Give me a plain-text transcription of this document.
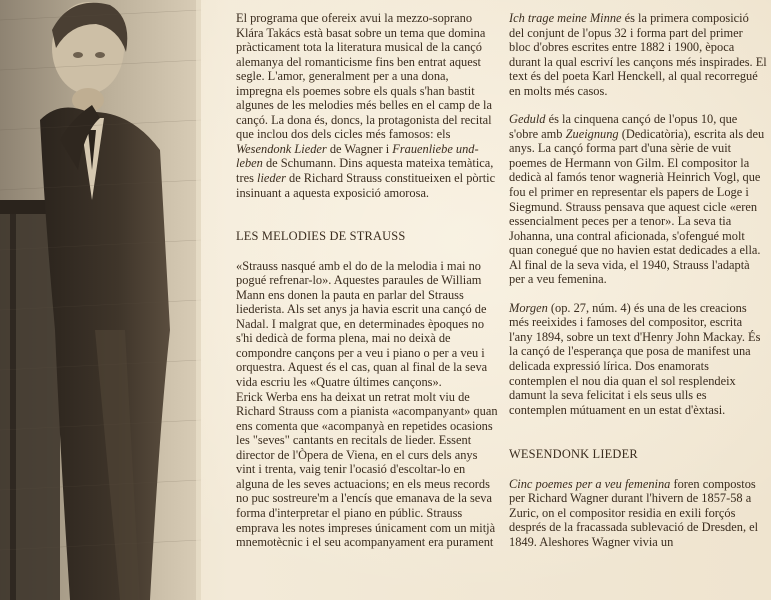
El programa que ofereix avui la mezzo-soprano Klára Takács està basat sobre un tema que domina pràcticament tota la literatura musical de la cançó alemanya del romanticisme fins ben entrat aquest segle. L'amor, generalment per a una dona, impregna els poemes sobre els quals s'han bastit algunes de les melodies més belles en el camp de la cançó. La dona és, doncs, la protagonista del recital que inclou dos dels cicles més famosos: els Wesendonk Lieder de Wagner i Frauenliebe und- leben de Schumann. Dins aquesta mateixa temàtica, tres lieder de Richard Strauss constitueixen el pòrtic insinuant a aquesta exposició amorosa.

LES MELODIES DE STRAUSS

«Strauss nasqué amb el do de la melodia i mai no pogué refrenar-lo». Aquestes paraules de William Mann ens donen la pauta en parlar del Strauss liederista. Als set anys ja havia escrit una cançó de Nadal. I malgrat que, en determinades èpoques no s'hi dedicà de forma plena, mai no deixà de compondre cançons per a veu i piano o per a veu i orquestra. Aquest és el cas, quan al final de la seva vida escriu les «Quatre últimes cançons».

Erick Werba ens ha deixat un retrat molt viu de Richard Strauss com a pianista «acompanyant» quan ens comenta que «acompanyà en repetides ocasions les "seves" cantants en recitals de lieder. Essent director de l'Òpera de Viena, en el curs dels anys vint i trenta, vaig tenir l'ocasió d'escoltar-lo en alguna de les seves actuacions; en els meus records no puc sostreure'm a l'encís que emanava de la seva forma d'interpretar el piano en públic. Strauss emprava les notes impreses únicament com un mitjà mnemotècnic i el seu acompanyament era purament

Ich trage meine Minne és la primera composició del conjunt de l'opus 32 i forma part del primer bloc d'obres escrites entre 1882 i 1900, època durant la qual escriví les cançons més inspirades. El text és del poeta Karl Henckell, al qual recorregué en molts més casos.

Geduld és la cinquena cançó de l'opus 10, que s'obre amb Zueignung (Dedicatòria), escrita als deu anys. La cançó forma part d'una sèrie de vuit poemes de Hermann von Gilm. El compositor la dedicà al famós tenor wagnerià Heinrich Vogl, que fou el primer en representar els papers de Loge i Siegmund. Strauss pensava que aquest cicle «eren essencialment peces per a tenor». La seva tia Johanna, una contral aficionada, s'ofengué molt quan conegué que no havien estat dedicades a ella. Al final de la seva vida, el 1940, Strauss l'adaptà per a veu femenina.

Morgen (op. 27, núm. 4) és una de les creacions més reeixides i famoses del compositor, escrita l'any 1894, sobre un text d'Henry John Mackay. És la cançó de l'esperança que posa de manifest una delicada expressió lírica. Dos enamorats contemplen el nou dia quan el sol resplendeix damunt la seva felicitat i els seus ulls es contemplen mútuament en un estat d'èxtasi.

WESENDONK LIEDER

Cinc poemes per a veu femenina foren compostos per Richard Wagner durant l'hivern de 1857-58 a Zuric, on el compositor residia en exili forçós després de la fracassada sublevació de Dresden, el 1849. Aleshores Wagner vivia un
